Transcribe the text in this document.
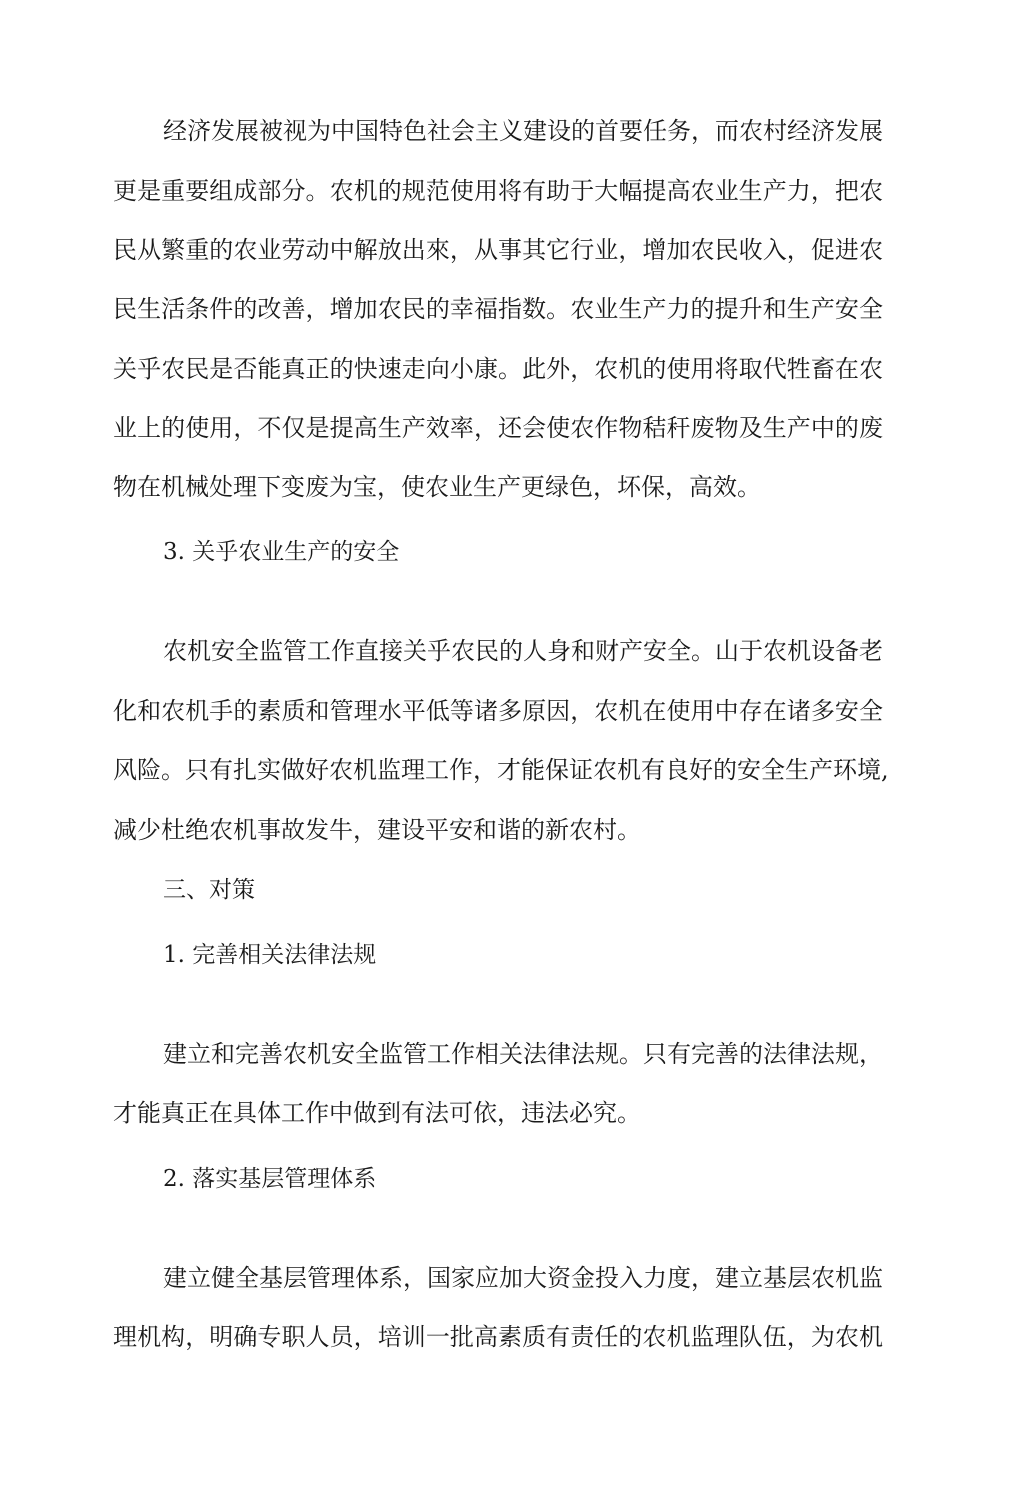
经济发展被视为中国特色社会主义建设的首要任务，而农村经济发展
更是重要组成部分。农机的规范使用将有助于大幅提高农业生产力，把农
民从繁重的农业劳动中解放出來，从事其它行业，增加农民收入，促进农
民生活条件的改善，增加农民的幸福指数。农业生产力的提升和生产安全
关乎农民是否能真正的快速走向小康。此外，农机的使用将取代牲畜在农
业上的使用，不仅是提高生产效率，还会使农作物秸秆废物及生产中的废
物在机械处理下变废为宝，使农业生产更绿色，坏保，高效。
3. 关乎农业生产的安全
农机安全监管工作直接关乎农民的人身和财产安全。山于农机设备老
化和农机手的素质和管理水平低等诸多原因，农机在使用中存在诸多安全
风险。只有扎实做好农机监理工作，才能保证农机有良好的安全生产环境,
减少杜绝农机事故发牛，建设平安和谐的新农村。
三、对策
1. 完善相关法律法规
建立和完善农机安全监管工作相关法律法规。只有完善的法律法规，
才能真正在具体工作中做到有法可依，违法必究。
2. 落实基层管理体系
建立健全基层管理体系，国家应加大资金投入力度，建立基层农机监
理机构，明确专职人员，培训一批高素质有责任的农机监理队伍，为农机
